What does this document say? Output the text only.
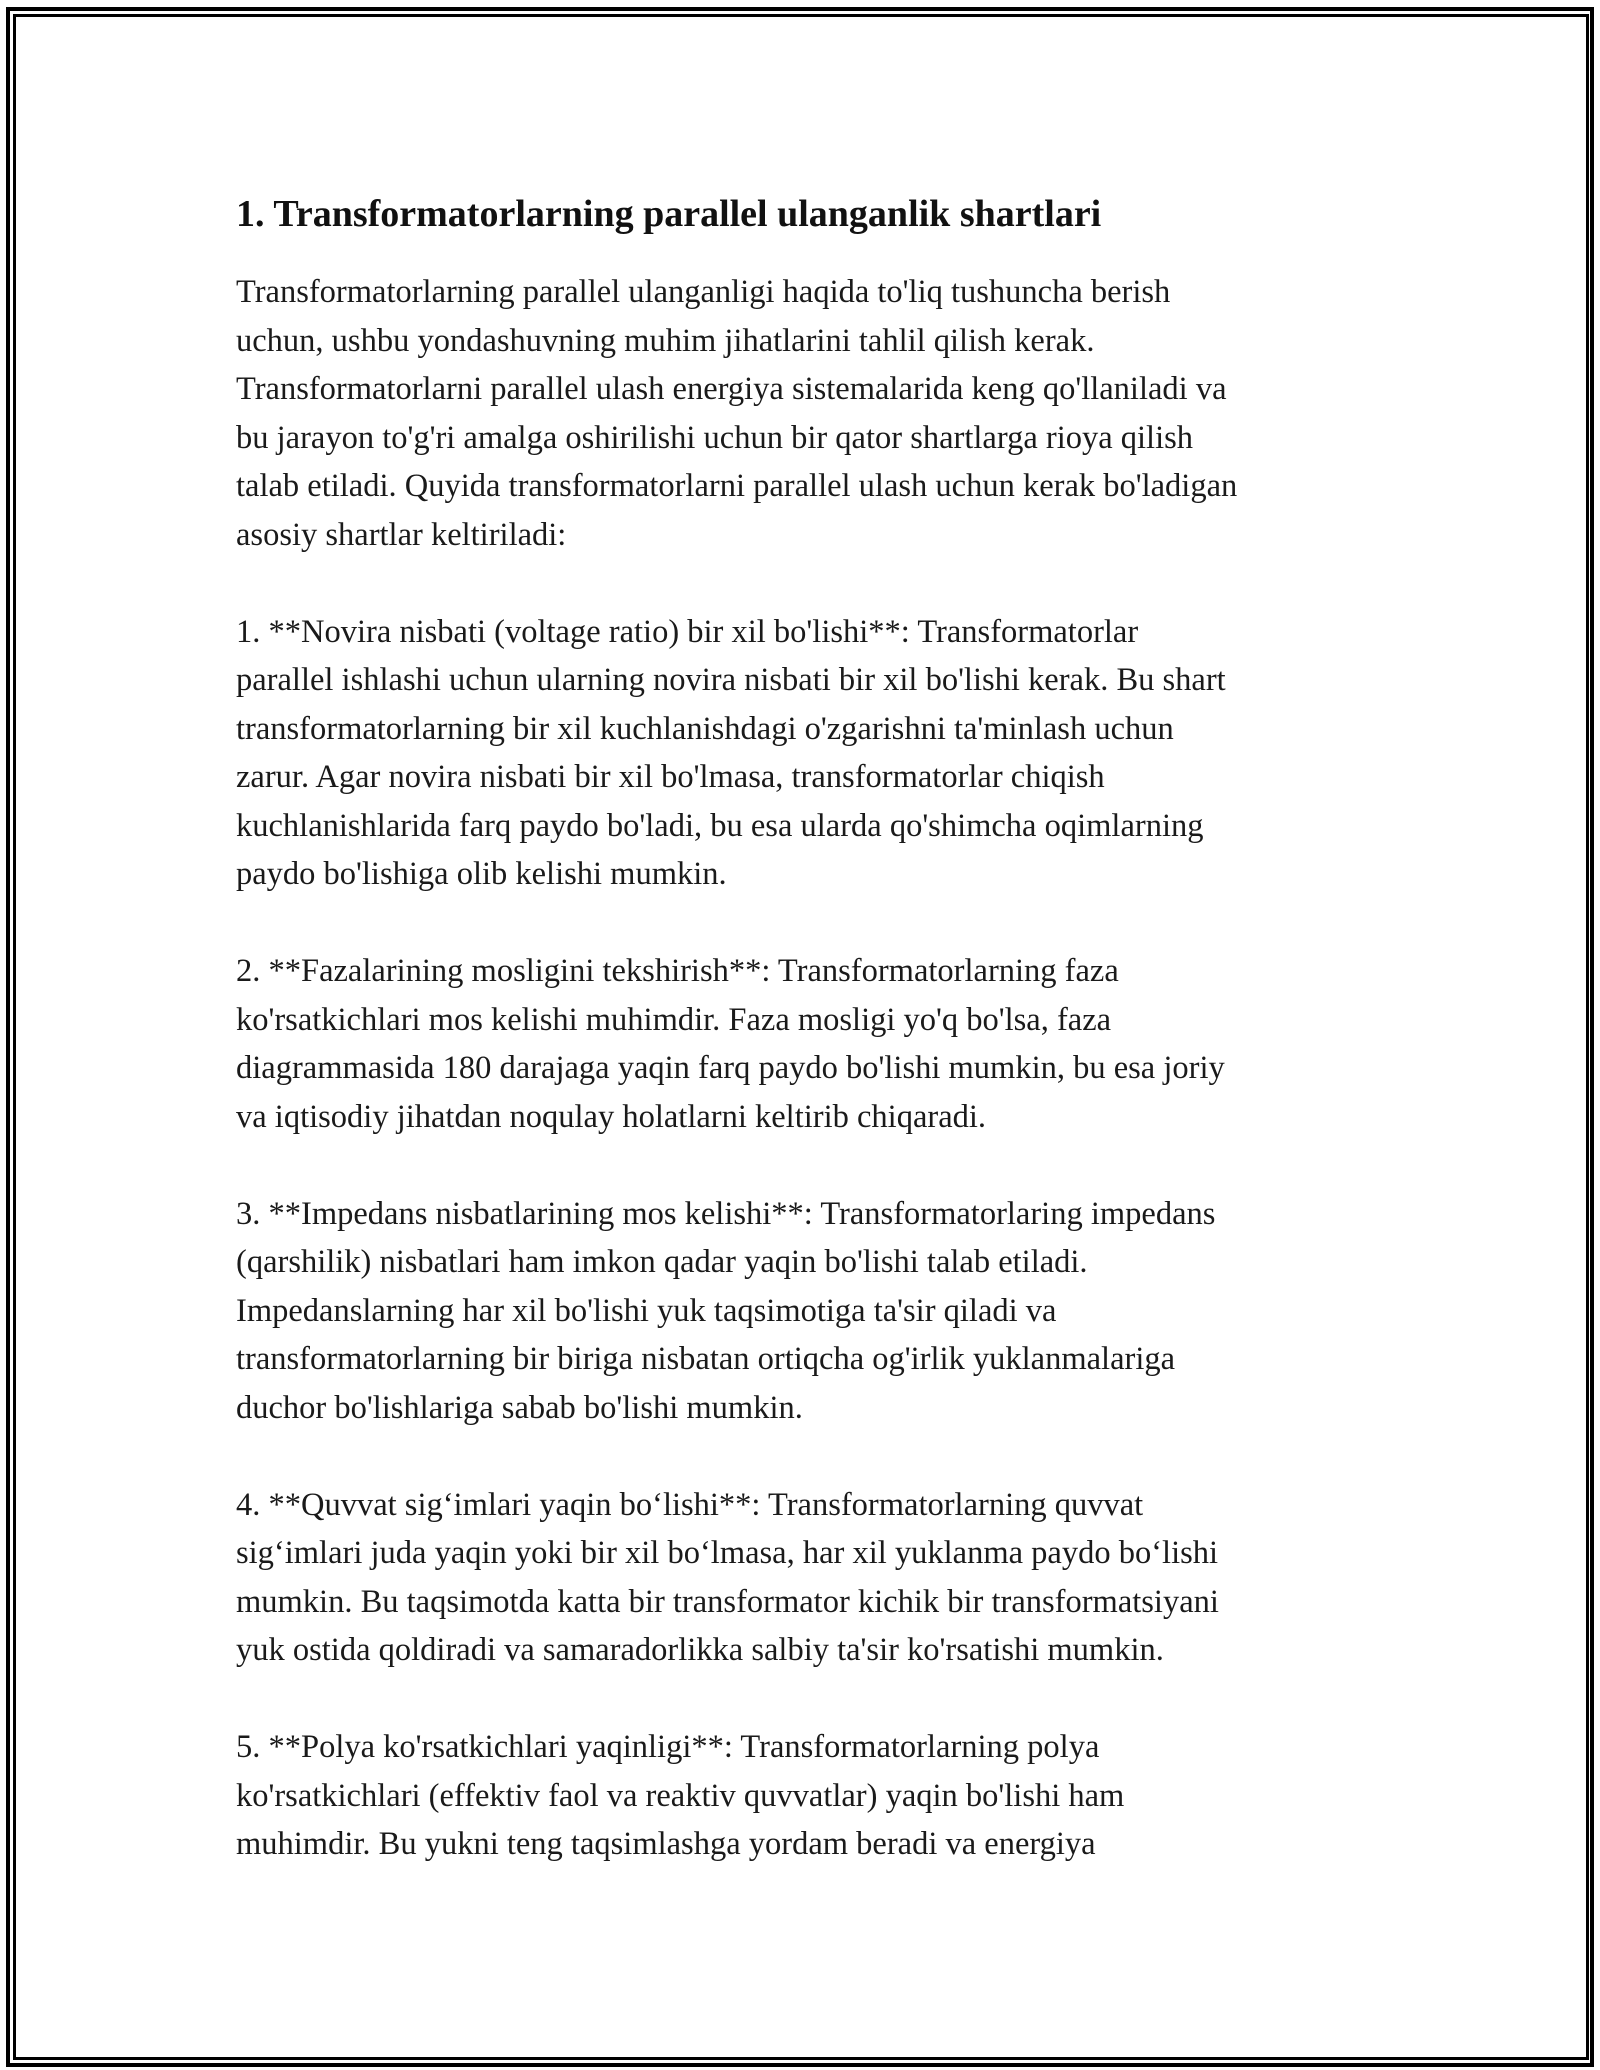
1. Transformatorlarning parallel ulanganlik shartlari

Transformatorlarning parallel ulanganligi haqida to'liq tushuncha berish
uchun, ushbu yondashuvning muhim jihatlarini tahlil qilish kerak.
Transformatorlarni parallel ulash energiya sistemalarida keng qo'llaniladi va
bu jarayon to'g'ri amalga oshirilishi uchun bir qator shartlarga rioya qilish
talab etiladi. Quyida transformatorlarni parallel ulash uchun kerak bo'ladigan
asosiy shartlar keltiriladi:

1. **Novira nisbati (voltage ratio) bir xil bo'lishi**: Transformatorlar
parallel ishlashi uchun ularning novira nisbati bir xil bo'lishi kerak. Bu shart
transformatorlarning bir xil kuchlanishdagi o'zgarishni ta'minlash uchun
zarur. Agar novira nisbati bir xil bo'lmasa, transformatorlar chiqish
kuchlanishlarida farq paydo bo'ladi, bu esa ularda qo'shimcha oqimlarning
paydo bo'lishiga olib kelishi mumkin.

2. **Fazalarining mosligini tekshirish**: Transformatorlarning faza
ko'rsatkichlari mos kelishi muhimdir. Faza mosligi yo'q bo'lsa, faza
diagrammasida 180 darajaga yaqin farq paydo bo'lishi mumkin, bu esa joriy
va iqtisodiy jihatdan noqulay holatlarni keltirib chiqaradi.

3. **Impedans nisbatlarining mos kelishi**: Transformatorlaring impedans
(qarshilik) nisbatlari ham imkon qadar yaqin bo'lishi talab etiladi.
Impedanslarning har xil bo'lishi yuk taqsimotiga ta'sir qiladi va
transformatorlarning bir biriga nisbatan ortiqcha og'irlik yuklanmalariga
duchor bo'lishlariga sabab bo'lishi mumkin.

4. **Quvvat sig‘imlari yaqin bo‘lishi**: Transformatorlarning quvvat
sig‘imlari juda yaqin yoki bir xil bo‘lmasa, har xil yuklanma paydo bo‘lishi
mumkin. Bu taqsimotda katta bir transformator kichik bir transformatsiyani
yuk ostida qoldiradi va samaradorlikka salbiy ta'sir ko'rsatishi mumkin.

5. **Polya ko'rsatkichlari yaqinligi**: Transformatorlarning polya
ko'rsatkichlari (effektiv faol va reaktiv quvvatlar) yaqin bo'lishi ham
muhimdir. Bu yukni teng taqsimlashga yordam beradi va energiya
